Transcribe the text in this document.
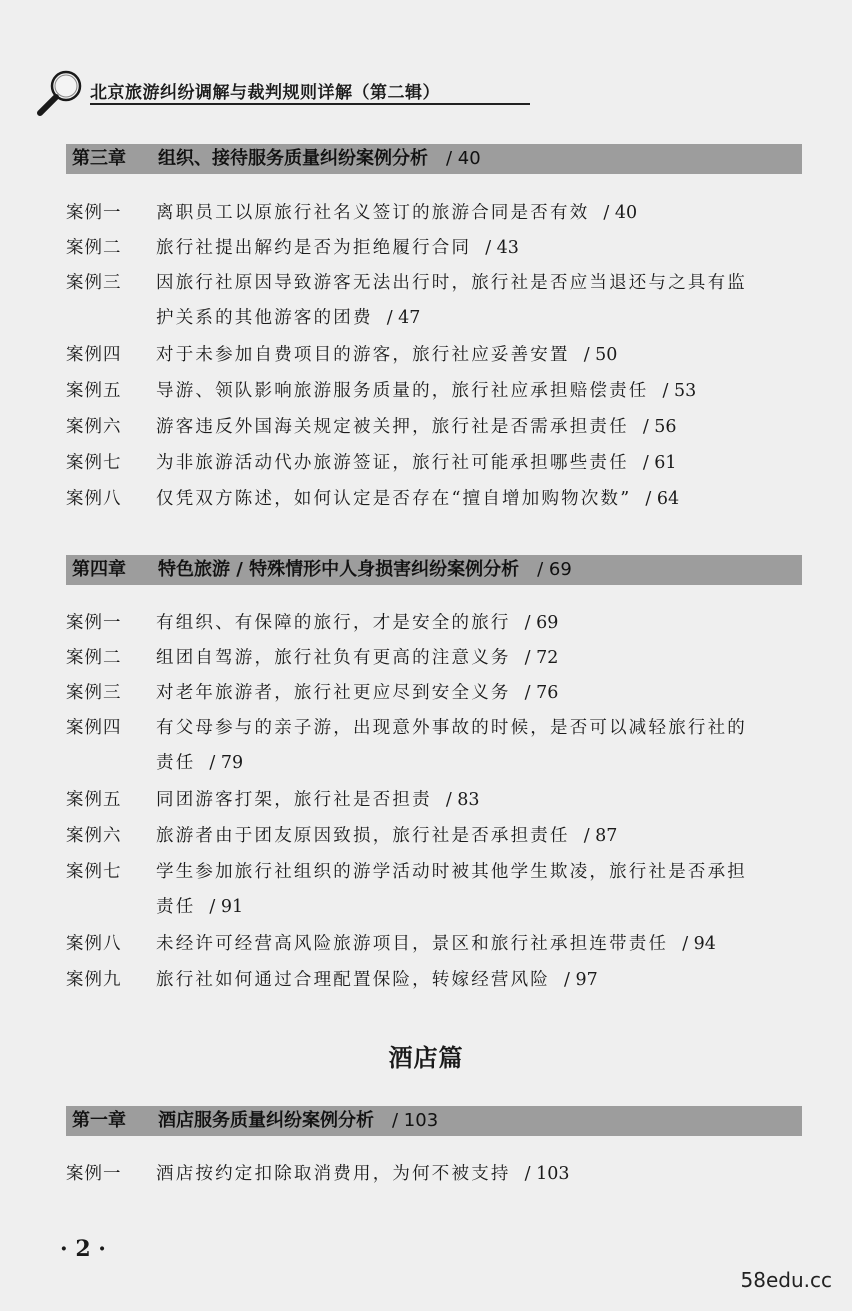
北京旅游纠纷调解与裁判规则详解（第二辑）
第三章 组织、接待服务质量纠纷案例分析 / 40
案例一 离职员工以原旅行社名义签订的旅游合同是否有效 / 40
案例二 旅行社提出解约是否为拒绝履行合同 / 43
案例三 因旅行社原因导致游客无法出行时，旅行社是否应当退还与之具有监
护关系的其他游客的团费 / 47
案例四 对于未参加自费项目的游客，旅行社应妥善安置 / 50
案例五 导游、领队影响旅游服务质量的，旅行社应承担赔偿责任 / 53
案例六 游客违反外国海关规定被关押，旅行社是否需承担责任 / 56
案例七 为非旅游活动代办旅游签证，旅行社可能承担哪些责任 / 61
案例八 仅凭双方陈述，如何认定是否存在“擅自增加购物次数” / 64
第四章 特色旅游 / 特殊情形中人身损害纠纷案例分析 / 69
案例一 有组织、有保障的旅行，才是安全的旅行 / 69
案例二 组团自驾游，旅行社负有更高的注意义务 / 72
案例三 对老年旅游者，旅行社更应尽到安全义务 / 76
案例四 有父母参与的亲子游，出现意外事故的时候，是否可以减轻旅行社的
责任 / 79
案例五 同团游客打架，旅行社是否担责 / 83
案例六 旅游者由于团友原因致损，旅行社是否承担责任 / 87
案例七 学生参加旅行社组织的游学活动时被其他学生欺凌，旅行社是否承担
责任 / 91
案例八 未经许可经营高风险旅游项目，景区和旅行社承担连带责任 / 94
案例九 旅行社如何通过合理配置保险，转嫁经营风险 / 97
酒店篇
第一章 酒店服务质量纠纷案例分析 / 103
案例一 酒店按约定扣除取消费用，为何不被支持 / 103
· 2 ·
58edu.cc
